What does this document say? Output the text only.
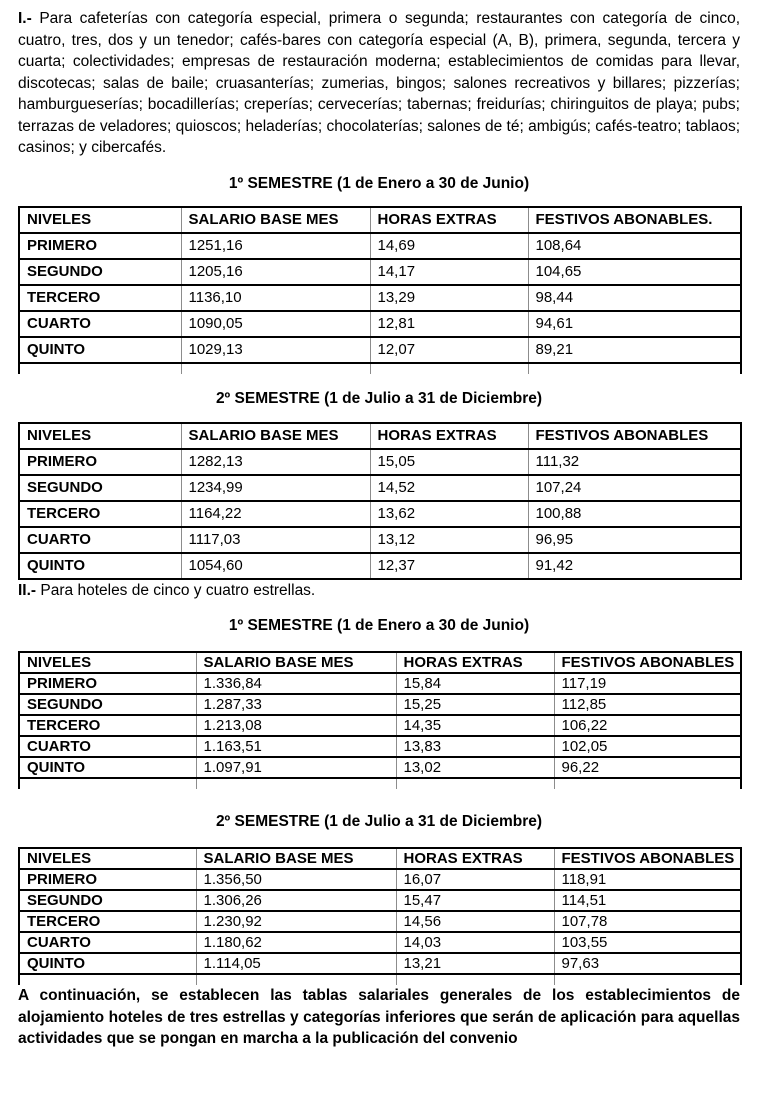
I.- Para cafeterías con categoría especial, primera o segunda; restaurantes con categoría de cinco, cuatro, tres, dos y un tenedor; cafés-bares con categoría especial (A, B), primera, segunda, tercera y cuarta; colectividades; empresas de restauración moderna; establecimientos de comidas para llevar, discotecas; salas de baile; cruasanterías; zumerias, bingos; salones recreativos y billares; pizzerías; hamburgueserías; bocadillerías; creperías; cervecerías; tabernas; freidurías; chiringuitos de playa; pubs; terrazas de veladores; quioscos; heladerías; chocolaterías; salones de té; ambigús; cafés-teatro; tablaos; casinos; y cibercafés.

1º SEMESTRE (1 de Enero a 30 de Junio)
NIVELES	SALARIO BASE MES	HORAS EXTRAS	FESTIVOS ABONABLES.
PRIMERO	1251,16	14,69	108,64
SEGUNDO	1205,16	14,17	104,65
TERCERO	1136,10	13,29	98,44
CUARTO	1090,05	12,81	94,61
QUINTO	1029,13	12,07	89,21

2º SEMESTRE (1 de Julio a 31 de Diciembre)
NIVELES	SALARIO BASE MES	HORAS EXTRAS	FESTIVOS ABONABLES
PRIMERO	1282,13	15,05	111,32
SEGUNDO	1234,99	14,52	107,24
TERCERO	1164,22	13,62	100,88
CUARTO	1117,03	13,12	96,95
QUINTO	1054,60	12,37	91,42

II.- Para hoteles de cinco y cuatro estrellas.

1º SEMESTRE (1 de Enero a 30 de Junio)
NIVELES	SALARIO BASE MES	HORAS EXTRAS	FESTIVOS ABONABLES
PRIMERO	1.336,84	15,84	117,19
SEGUNDO	1.287,33	15,25	112,85
TERCERO	1.213,08	14,35	106,22
CUARTO	1.163,51	13,83	102,05
QUINTO	1.097,91	13,02	96,22

2º SEMESTRE (1 de Julio a 31 de Diciembre)
NIVELES	SALARIO BASE MES	HORAS EXTRAS	FESTIVOS ABONABLES
PRIMERO	1.356,50	16,07	118,91
SEGUNDO	1.306,26	15,47	114,51
TERCERO	1.230,92	14,56	107,78
CUARTO	1.180,62	14,03	103,55
QUINTO	1.114,05	13,21	97,63

A continuación, se establecen las tablas salariales generales de los establecimientos de alojamiento hoteles de tres estrellas y categorías inferiores que serán de aplicación para aquellas actividades que se pongan en marcha a la publicación del convenio
